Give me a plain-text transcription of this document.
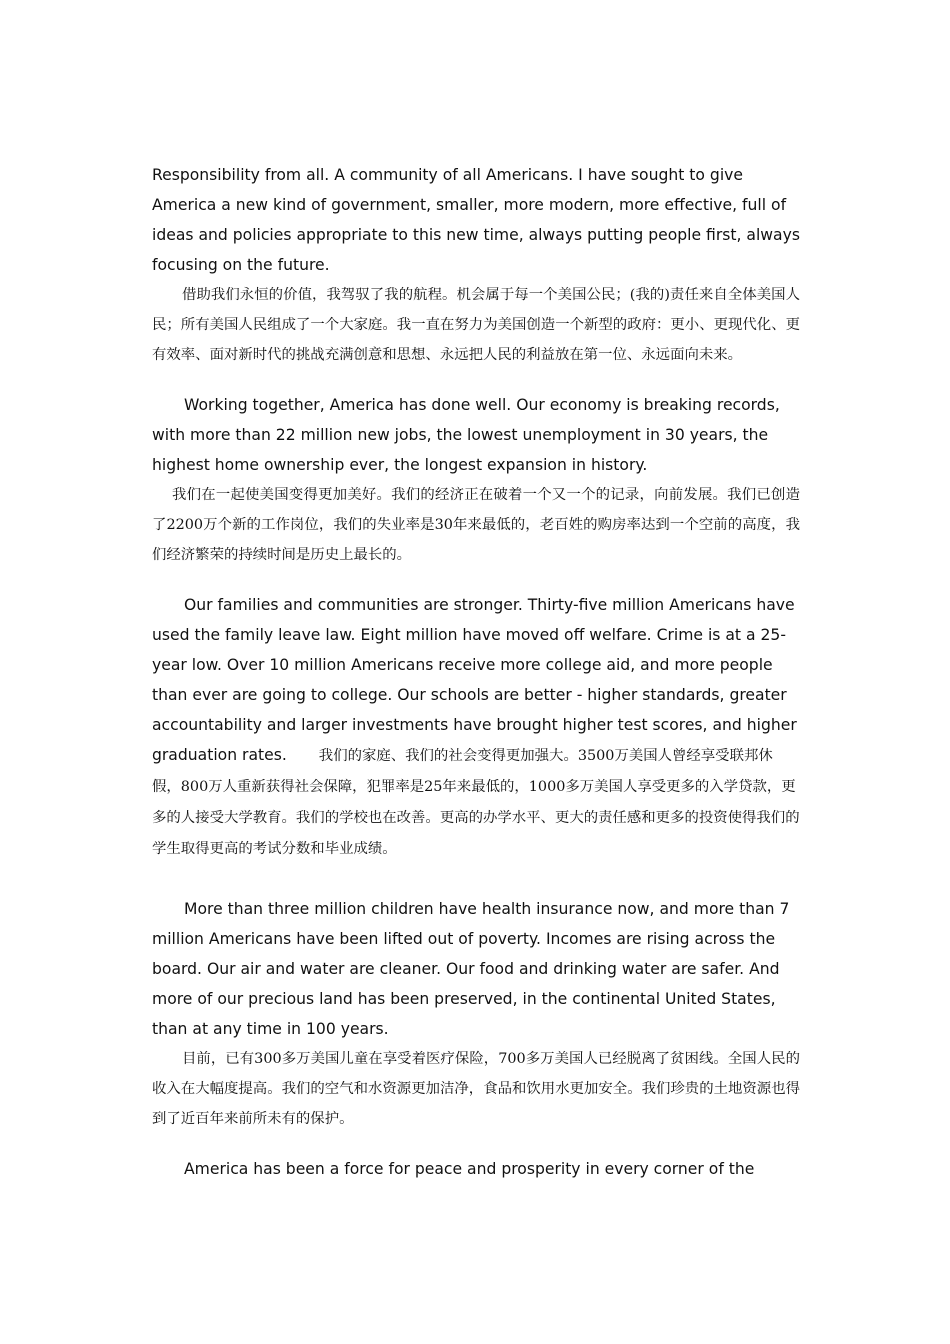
Responsibility from all. A community of all Americans. I have sought to give America a new kind of government, smaller, more modern, more effective, full of ideas and policies appropriate to this new time, always putting people first, always focusing on the future.

借助我们永恒的价值，我驾驭了我的航程。机会属于每一个美国公民；(我的)责任来自全体美国人民；所有美国人民组成了一个大家庭。我一直在努力为美国创造一个新型的政府：更小、更现代化、更有效率、面对新时代的挑战充满创意和思想、永远把人民的利益放在第一位、永远面向未来。

Working together, America has done well. Our economy is breaking records, with more than 22 million new jobs, the lowest unemployment in 30 years, the highest home ownership ever, the longest expansion in history.

我们在一起使美国变得更加美好。我们的经济正在破着一个又一个的记录，向前发展。我们已创造了2200万个新的工作岗位，我们的失业率是30年来最低的，老百姓的购房率达到一个空前的高度，我们经济繁荣的持续时间是历史上最长的。

Our families and communities are stronger. Thirty-five million Americans have used the family leave law. Eight million have moved off welfare. Crime is at a 25-year low. Over 10 million Americans receive more college aid, and more people than ever are going to college. Our schools are better - higher standards, greater accountability and larger investments have brought higher test scores, and higher graduation rates. 我们的家庭、我们的社会变得更加强大。3500万美国人曾经享受联邦休假，800万人重新获得社会保障，犯罪率是25年来最低的，1000多万美国人享受更多的入学贷款，更多的人接受大学教育。我们的学校也在改善。更高的办学水平、更大的责任感和更多的投资使得我们的学生取得更高的考试分数和毕业成绩。

More than three million children have health insurance now, and more than 7 million Americans have been lifted out of poverty. Incomes are rising across the board. Our air and water are cleaner. Our food and drinking water are safer. And more of our precious land has been preserved, in the continental United States, than at any time in 100 years.

目前，已有300多万美国儿童在享受着医疗保险，700多万美国人已经脱离了贫困线。全国人民的收入在大幅度提高。我们的空气和水资源更加洁净，食品和饮用水更加安全。我们珍贵的土地资源也得到了近百年来前所未有的保护。

America has been a force for peace and prosperity in every corner of the
